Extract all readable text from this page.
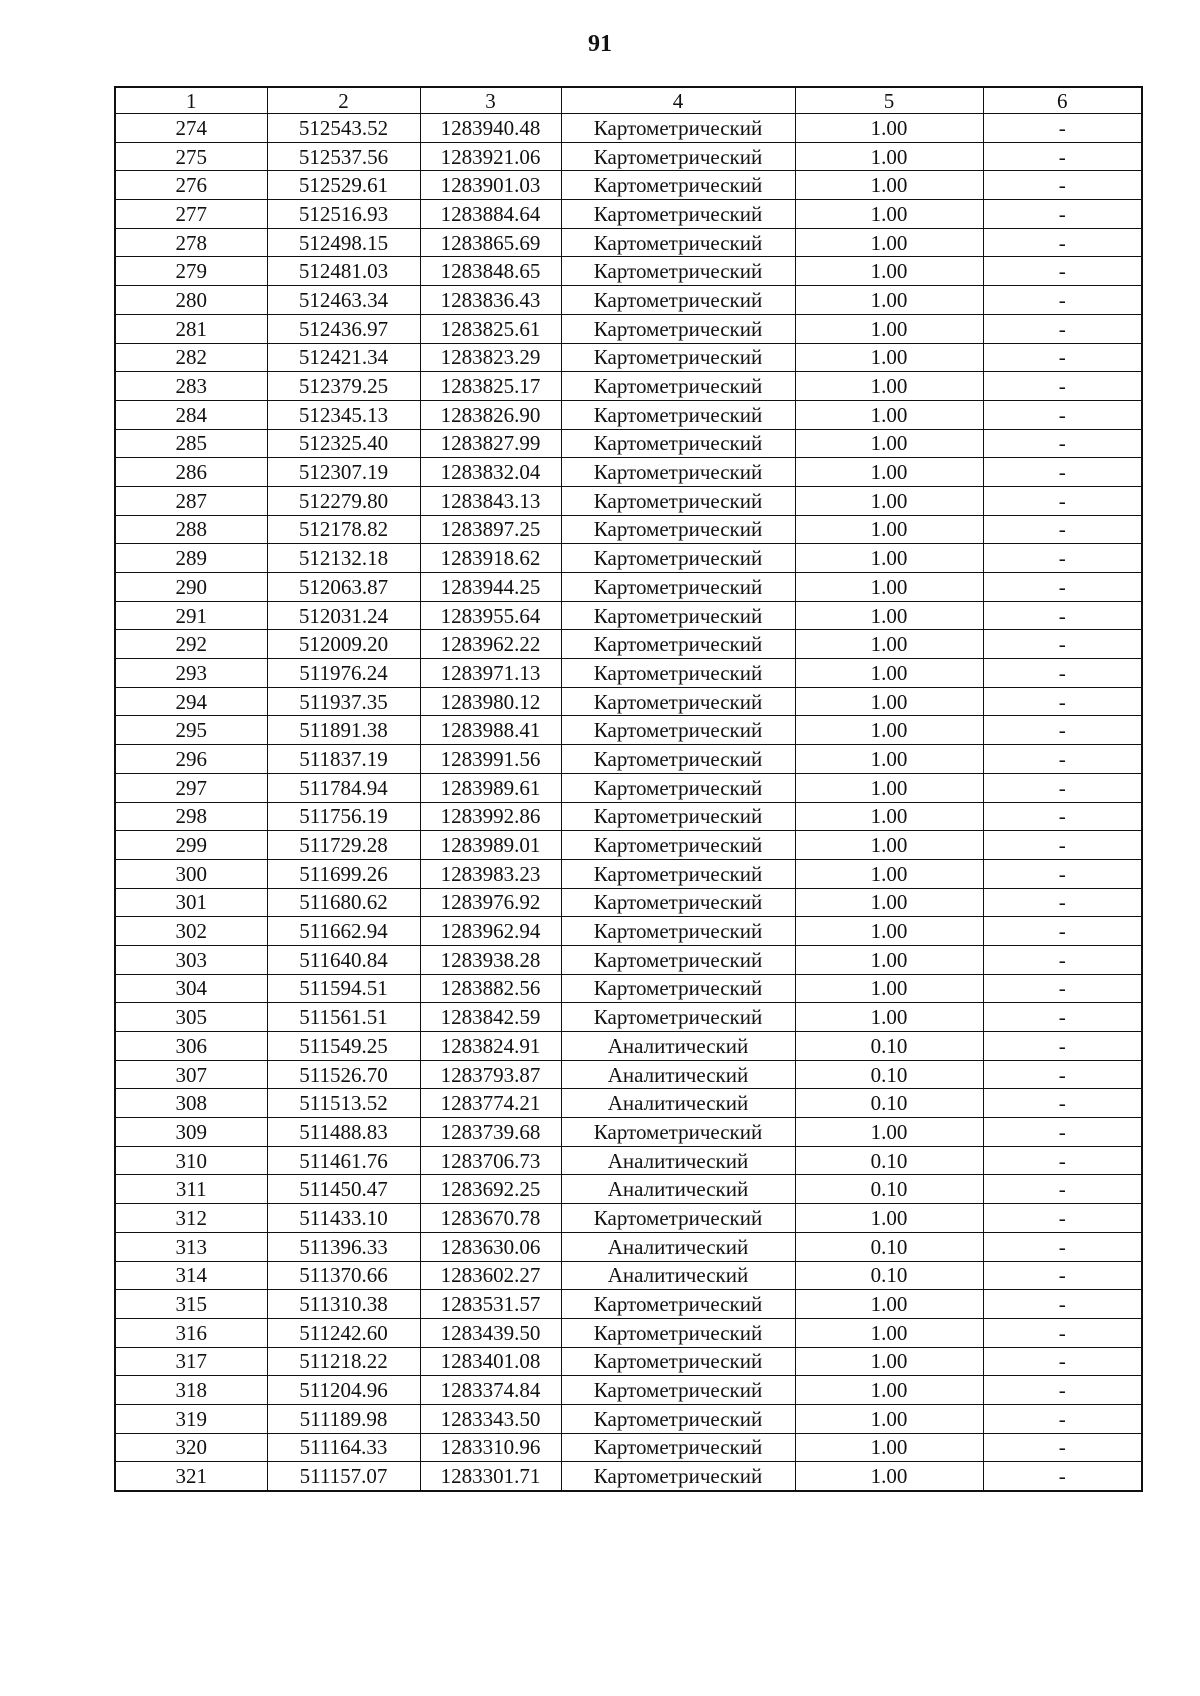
91
1	2	3	4	5	6
274	512543.52	1283940.48	Картометрический	1.00	-
275	512537.56	1283921.06	Картометрический	1.00	-
276	512529.61	1283901.03	Картометрический	1.00	-
277	512516.93	1283884.64	Картометрический	1.00	-
278	512498.15	1283865.69	Картометрический	1.00	-
279	512481.03	1283848.65	Картометрический	1.00	-
280	512463.34	1283836.43	Картометрический	1.00	-
281	512436.97	1283825.61	Картометрический	1.00	-
282	512421.34	1283823.29	Картометрический	1.00	-
283	512379.25	1283825.17	Картометрический	1.00	-
284	512345.13	1283826.90	Картометрический	1.00	-
285	512325.40	1283827.99	Картометрический	1.00	-
286	512307.19	1283832.04	Картометрический	1.00	-
287	512279.80	1283843.13	Картометрический	1.00	-
288	512178.82	1283897.25	Картометрический	1.00	-
289	512132.18	1283918.62	Картометрический	1.00	-
290	512063.87	1283944.25	Картометрический	1.00	-
291	512031.24	1283955.64	Картометрический	1.00	-
292	512009.20	1283962.22	Картометрический	1.00	-
293	511976.24	1283971.13	Картометрический	1.00	-
294	511937.35	1283980.12	Картометрический	1.00	-
295	511891.38	1283988.41	Картометрический	1.00	-
296	511837.19	1283991.56	Картометрический	1.00	-
297	511784.94	1283989.61	Картометрический	1.00	-
298	511756.19	1283992.86	Картометрический	1.00	-
299	511729.28	1283989.01	Картометрический	1.00	-
300	511699.26	1283983.23	Картометрический	1.00	-
301	511680.62	1283976.92	Картометрический	1.00	-
302	511662.94	1283962.94	Картометрический	1.00	-
303	511640.84	1283938.28	Картометрический	1.00	-
304	511594.51	1283882.56	Картометрический	1.00	-
305	511561.51	1283842.59	Картометрический	1.00	-
306	511549.25	1283824.91	Аналитический	0.10	-
307	511526.70	1283793.87	Аналитический	0.10	-
308	511513.52	1283774.21	Аналитический	0.10	-
309	511488.83	1283739.68	Картометрический	1.00	-
310	511461.76	1283706.73	Аналитический	0.10	-
311	511450.47	1283692.25	Аналитический	0.10	-
312	511433.10	1283670.78	Картометрический	1.00	-
313	511396.33	1283630.06	Аналитический	0.10	-
314	511370.66	1283602.27	Аналитический	0.10	-
315	511310.38	1283531.57	Картометрический	1.00	-
316	511242.60	1283439.50	Картометрический	1.00	-
317	511218.22	1283401.08	Картометрический	1.00	-
318	511204.96	1283374.84	Картометрический	1.00	-
319	511189.98	1283343.50	Картометрический	1.00	-
320	511164.33	1283310.96	Картометрический	1.00	-
321	511157.07	1283301.71	Картометрический	1.00	-
